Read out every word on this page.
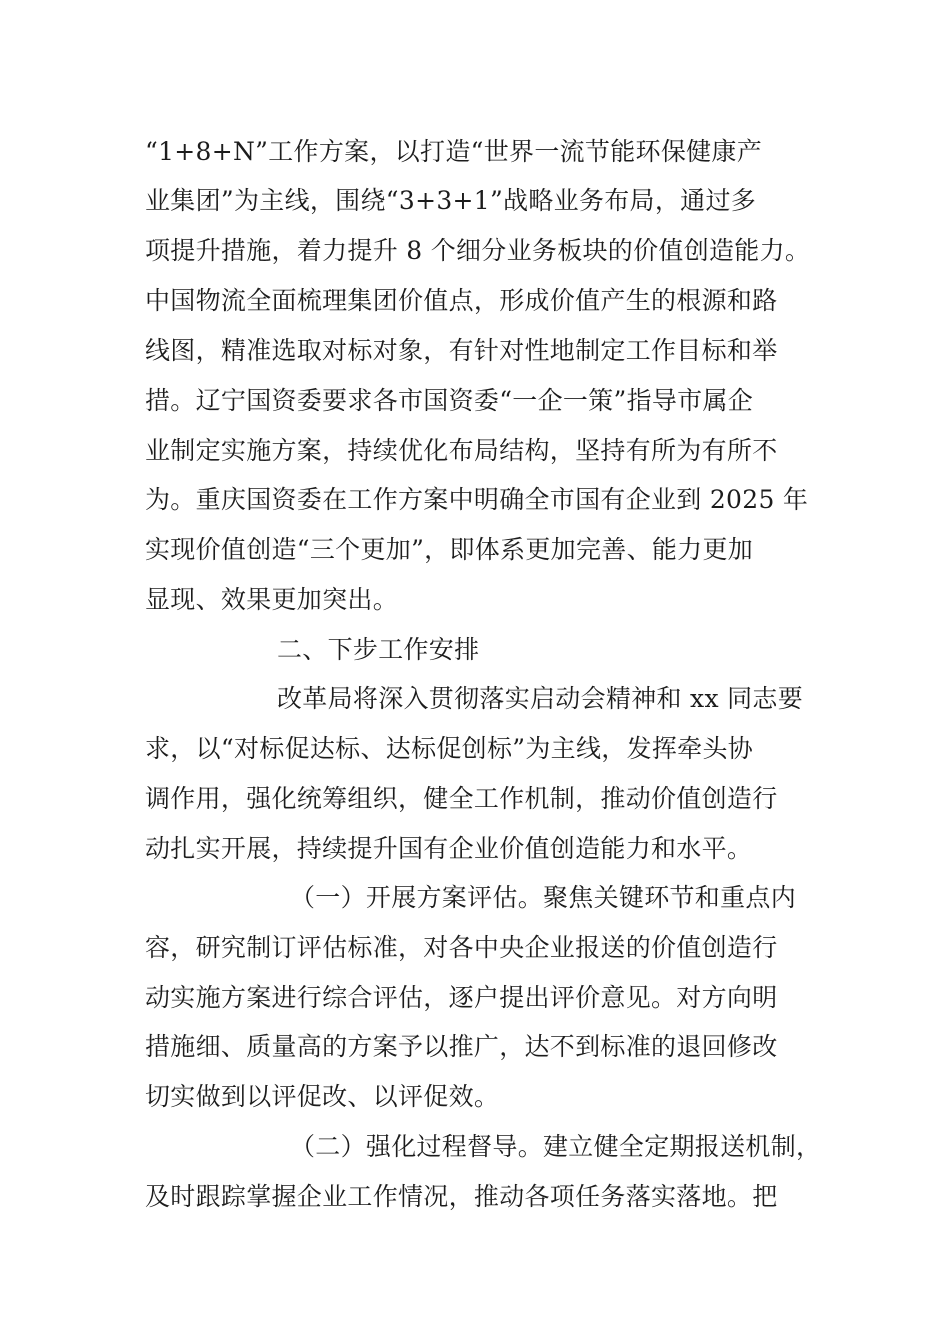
“1+8+N”工作方案，以打造“世界一流节能环保健康产
业集团”为主线，围绕“3+3+1”战略业务布局，通过多
项提升措施，着力提升 8 个细分业务板块的价值创造能力。
中国物流全面梳理集团价值点，形成价值产生的根源和路
线图，精准选取对标对象，有针对性地制定工作目标和举
措。辽宁国资委要求各市国资委“一企一策”指导市属企
业制定实施方案，持续优化布局结构，坚持有所为有所不
为。重庆国资委在工作方案中明确全市国有企业到 2025 年
实现价值创造“三个更加”，即体系更加完善、能力更加
显现、效果更加突出。
二、下步工作安排
改革局将深入贯彻落实启动会精神和 xx 同志要
求，以“对标促达标、达标促创标”为主线，发挥牵头协
调作用，强化统筹组织，健全工作机制，推动价值创造行
动扎实开展，持续提升国有企业价值创造能力和水平。
（一）开展方案评估。聚焦关键环节和重点内
容，研究制订评估标准，对各中央企业报送的价值创造行
动实施方案进行综合评估，逐户提出评价意见。对方向明
措施细、质量高的方案予以推广，达不到标准的退回修改
切实做到以评促改、以评促效。
（二）强化过程督导。建立健全定期报送机制，
及时跟踪掌握企业工作情况，推动各项任务落实落地。把
